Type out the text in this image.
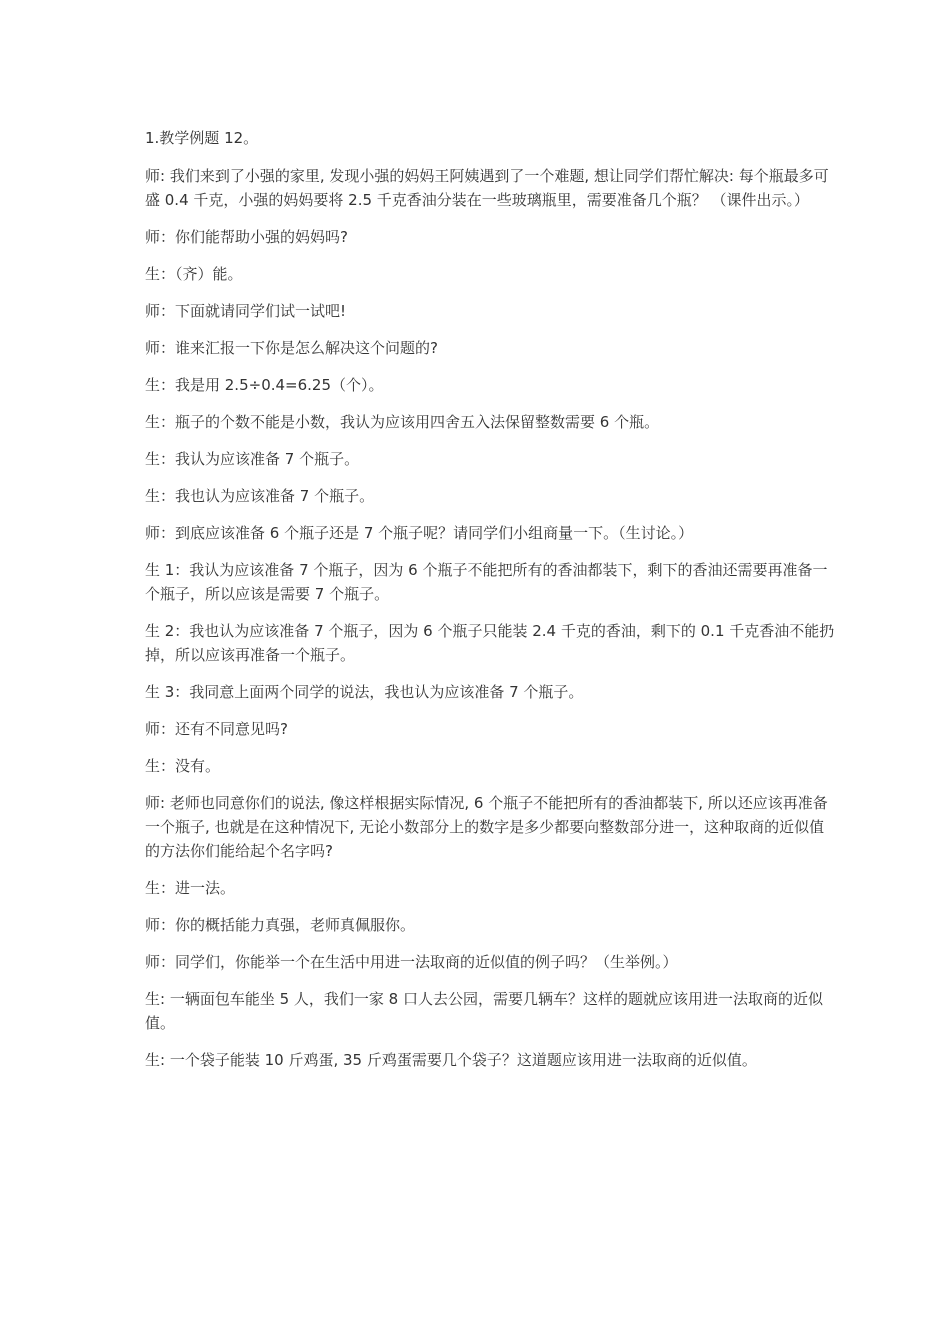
1.教学例题 12。

师: 我们来到了小强的家里, 发现小强的妈妈王阿姨遇到了一个难题, 想让同学们帮忙解决: 每个瓶最多可盛 0.4 千克，小强的妈妈要将 2.5 千克香油分装在一些玻璃瓶里，需要准备几个瓶？ （课件出示。）

师：你们能帮助小强的妈妈吗?

生：（齐）能。

师：下面就请同学们试一试吧!

师：谁来汇报一下你是怎么解决这个问题的?

生：我是用 2.5÷0.4=6.25（个）。

生：瓶子的个数不能是小数，我认为应该用四舍五入法保留整数需要 6 个瓶。

生：我认为应该准备 7 个瓶子。

生：我也认为应该准备 7 个瓶子。

师：到底应该准备 6 个瓶子还是 7 个瓶子呢？请同学们小组商量一下。（生讨论。）

生 1：我认为应该准备 7 个瓶子，因为 6 个瓶子不能把所有的香油都装下，剩下的香油还需要再准备一个瓶子，所以应该是需要 7 个瓶子。

生 2：我也认为应该准备 7 个瓶子，因为 6 个瓶子只能装 2.4 千克的香油，剩下的 0.1 千克香油不能扔掉，所以应该再准备一个瓶子。

生 3：我同意上面两个同学的说法，我也认为应该准备 7 个瓶子。

师：还有不同意见吗?

生：没有。

师: 老师也同意你们的说法, 像这样根据实际情况, 6 个瓶子不能把所有的香油都装下, 所以还应该再准备一个瓶子, 也就是在这种情况下, 无论小数部分上的数字是多少都要向整数部分进一，这种取商的近似值的方法你们能给起个名字吗?

生：进一法。

师：你的概括能力真强，老师真佩服你。

师：同学们，你能举一个在生活中用进一法取商的近似值的例子吗？（生举例。）

生: 一辆面包车能坐 5 人，我们一家 8 口人去公园，需要几辆车？这样的题就应该用进一法取商的近似值。

生: 一个袋子能装 10 斤鸡蛋, 35 斤鸡蛋需要几个袋子？这道题应该用进一法取商的近似值。
